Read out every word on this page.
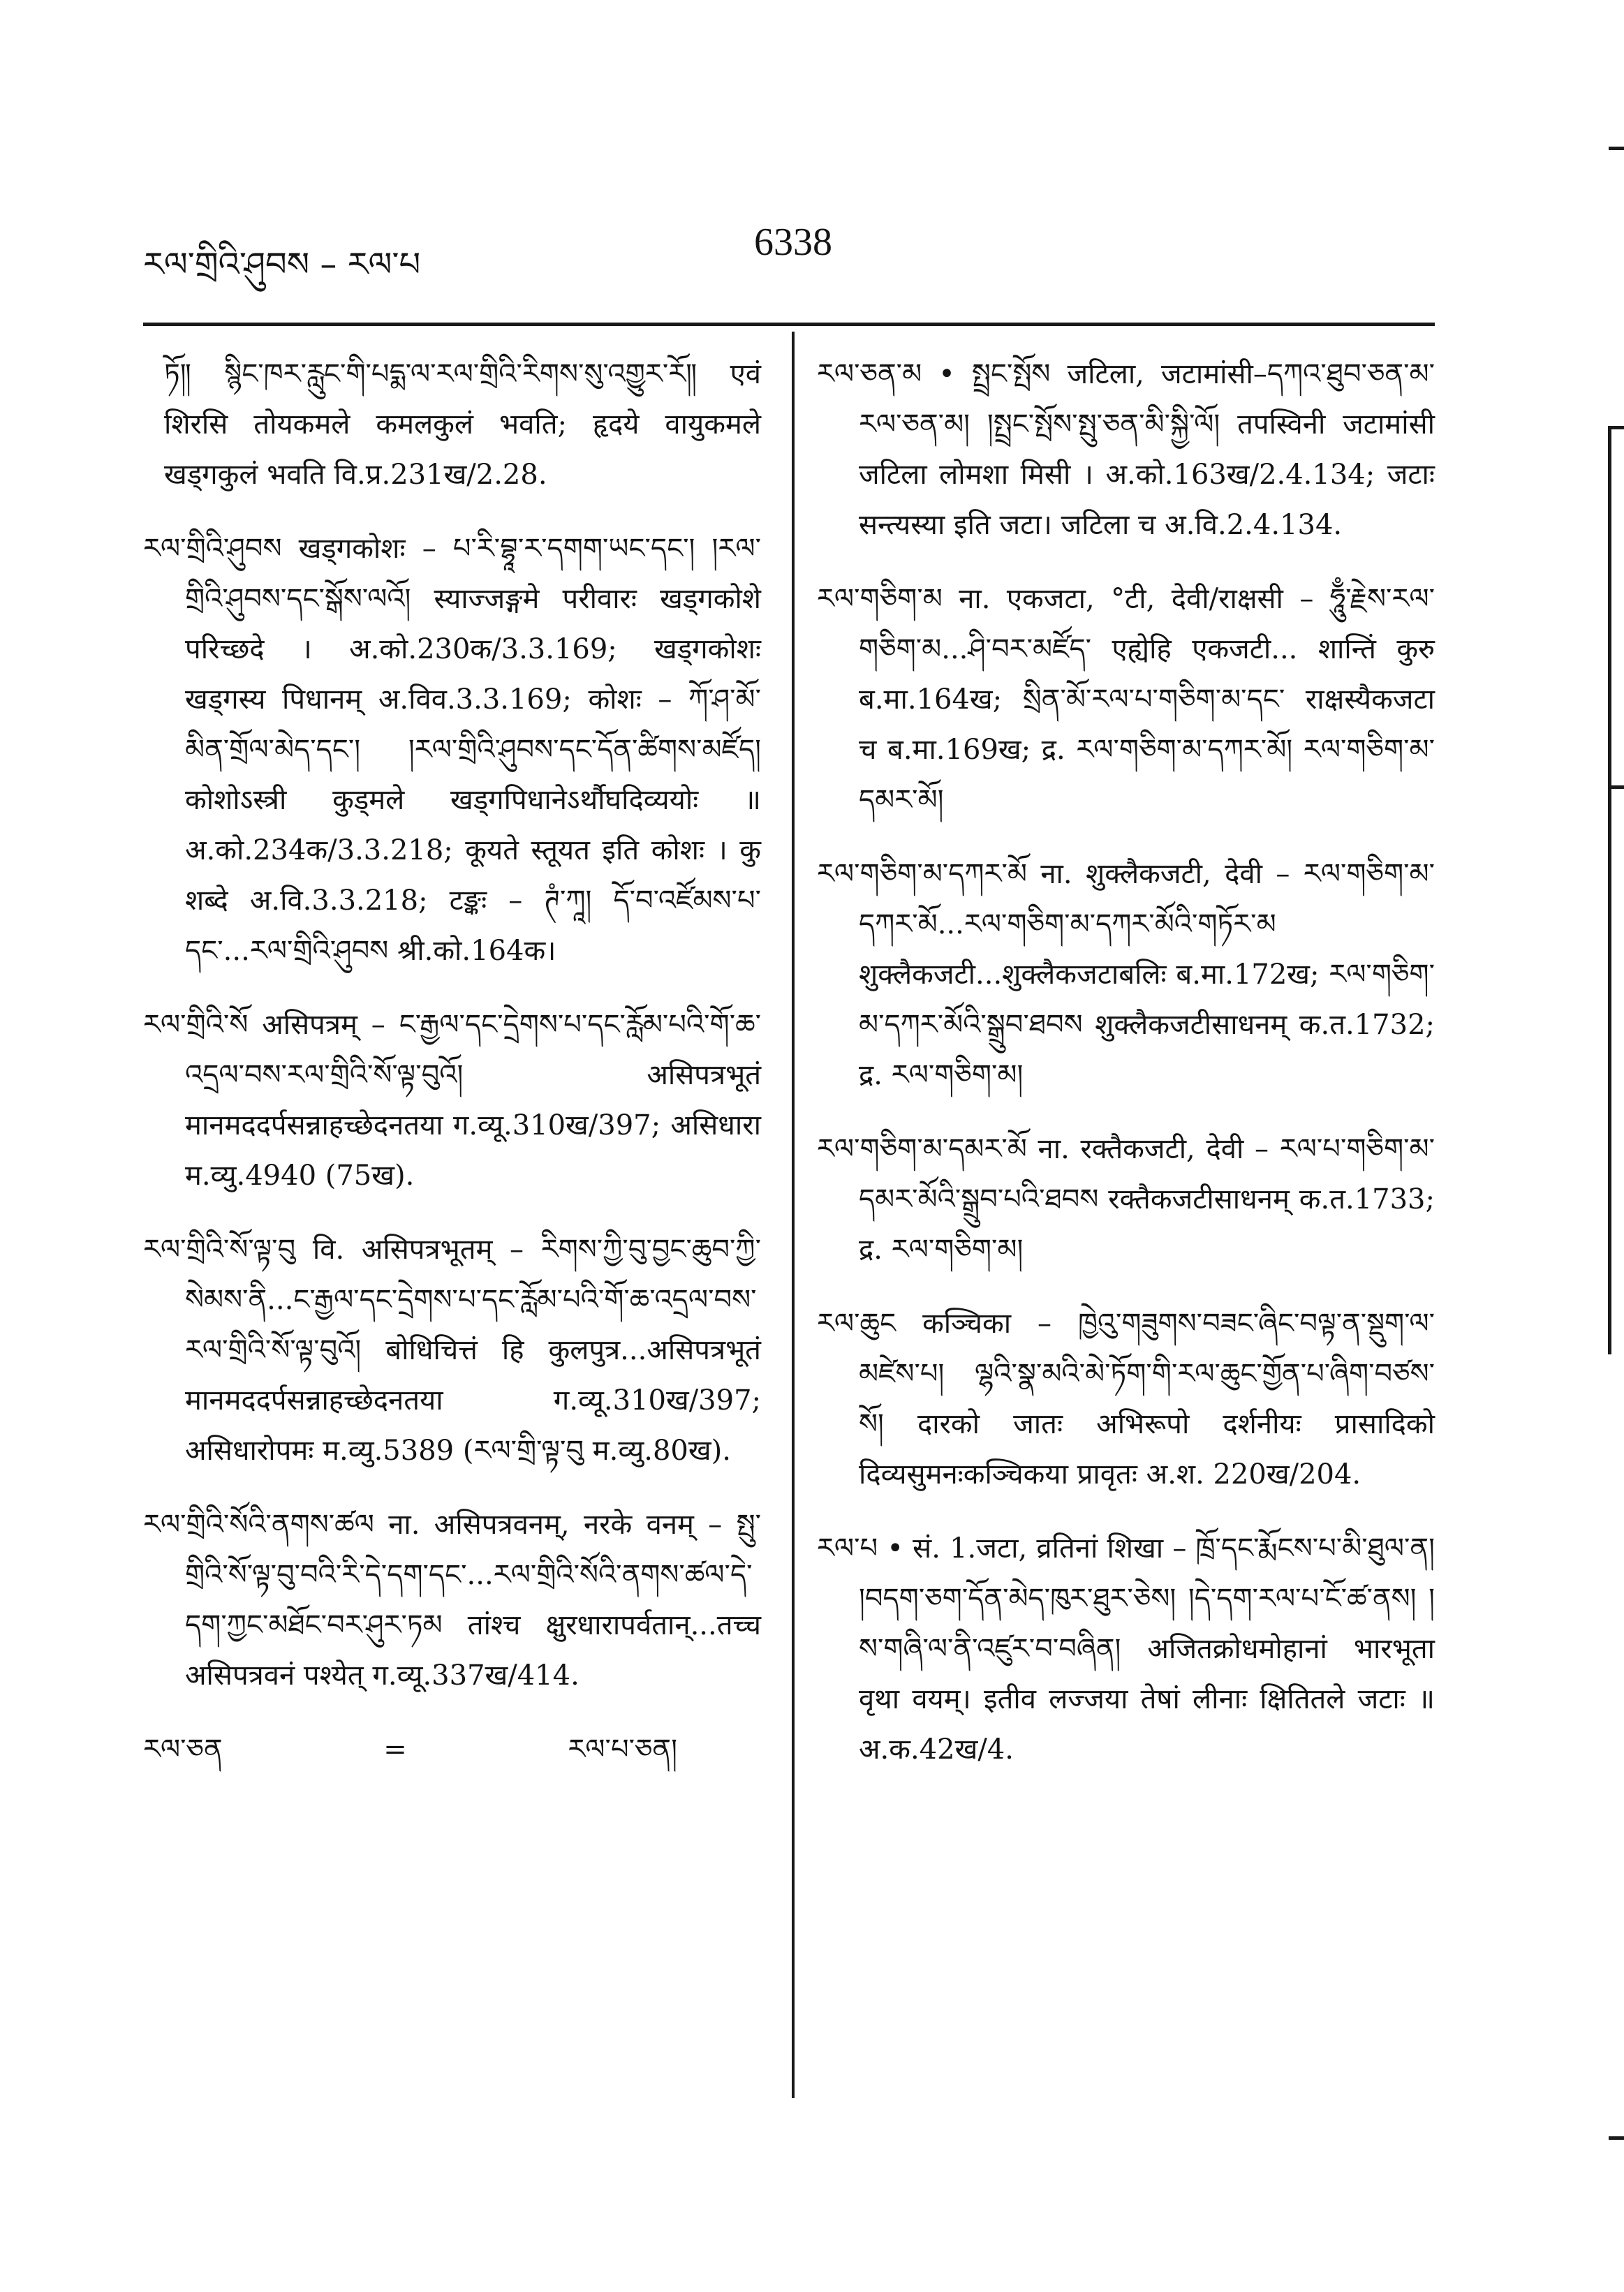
རལ་གྲིའི་ཤུབས – རལ་པ
6338

ཏོ༎ སྙིང་ཁར་རླུང་གི་པདྨ་ལ་རལ་གྲིའི་རིགས་སུ་འགྱུར་རོ༎ एवं शिरसि तोयकमले कमलकुलं भवति; हृदये वायुकमले खड्गकुलं भवति वि.प्र.231ख/2.28.

རལ་གྲིའི་ཤུབས खड्गकोशः – པ་རི་བྷཱ་ར་དགག་ཡང་དང་། །རལ་གྲིའི་ཤུབས་དང་སྒོས་ལའོ། स्याज्जङ्गमे परीवारः खड्गकोशे परिच्छदे । अ.को.230क/3.3.169; खड्गकोशः खड्गस्य पिधानम् अ.विव.3.3.169; कोशः – ཀོ་ཤ་མོ་མིན་གྲོལ་མེད་དང་། །རལ་གྲིའི་ཤུབས་དང་དོན་ཚིགས་མཛོད། कोशोऽस्त्री कुड्मले खड्गपिधानेऽर्थौघदिव्ययोः ॥ अ.को.234क/3.3.218; कूयते स्तूयत इति कोशः । कु शब्दे अ.वि.3.3.218; टङ्कः – ཊཾ་ཀཱ། དོ་བ་འཛོམས་པ་དང་...རལ་གྲིའི་ཤུབས श्री.को.164क।

རལ་གྲིའི་སོ असिपत्रम् – ང་རྒྱལ་དང་དྲེགས་པ་དང་རློམ་པའི་གོ་ཆ་འདྲལ་བས་རལ་གྲིའི་སོ་ལྟ་བུའོ། असिपत्रभूतं मानमददर्पसन्नाहच्छेदनतया ग.व्यू.310ख/397; असिधारा म.व्यु.4940 (75ख).

རལ་གྲིའི་སོ་ལྟ་བུ वि. असिपत्रभूतम् – རིགས་ཀྱི་བུ་བྱང་ཆུབ་ཀྱི་སེམས་ནི...ང་རྒྱལ་དང་དྲེགས་པ་དང་རློམ་པའི་གོ་ཆ་འདྲལ་བས་རལ་གྲིའི་སོ་ལྟ་བུའོ། बोधिचित्तं हि कुलपुत्र...असिपत्रभूतं मानमददर्पसन्नाहच्छेदनतया ग.व्यू.310ख/397; असिधारोपमः म.व्यु.5389 (རལ་གྲི་ལྟ་བུ म.व्यु.80ख).

རལ་གྲིའི་སོའི་ནགས་ཚལ ना. असिपत्रवनम्, नरके वनम् – སྤུ་གྲིའི་སོ་ལྟ་བུ་བའི་རི་དེ་དག་དང་...རལ་གྲིའི་སོའི་ནགས་ཚལ་དེ་དག་ཀྱང་མཐོང་བར་ཤུར་ཏམ तांश्च क्षुरधारापर्वतान्...तच्च असिपत्रवनं पश्येत् ग.व्यू.337ख/414.

རལ་ཅན	=	རལ་པ་ཅན།

རལ་ཅན་མ • སྤྲང་སྤོས जटिला, जटामांसी–དཀའ་ཐུབ་ཅན་མ་རལ་ཅན་མ། །སྤྲང་སྤོས་སྤུ་ཅན་མི་སྐྱི་ལོ། तपस्विनी जटामांसी जटिला लोमशा मिसी । अ.को.163ख/2.4.134; जटाः सन्त्यस्या इति जटा। जटिला च अ.वि.2.4.134.

རལ་གཅིག་མ ना. एकजटा, °टी, देवी/राक्षसी – ཧཱུྃ་རྗེས་རལ་གཅིག་མ...ཤི་བར་མཛོད་ एह्येहि एकजटी... शान्तिं कुरु ब.मा.164ख; སྲིན་མོ་རལ་པ་གཅིག་མ་དང་ राक्षस्यैकजटा च ब.मा.169ख; द्र. རལ་གཅིག་མ་དཀར་མོ། རལ་གཅིག་མ་དམར་མོ།

རལ་གཅིག་མ་དཀར་མོ ना. शुक्लैकजटी, देवी – རལ་གཅིག་མ་དཀར་མོ...རལ་གཅིག་མ་དཀར་མོའི་གཏོར་མ शुक्लैकजटी...शुक्लैकजटाबलिः ब.मा.172ख; རལ་གཅིག་མ་དཀར་མོའི་སྒྲུབ་ཐབས शुक्लैकजटीसाधनम् क.त.1732; द्र. རལ་གཅིག་མ།

རལ་གཅིག་མ་དམར་མོ ना. रक्तैकजटी, देवी – རལ་པ་གཅིག་མ་དམར་མོའི་སྒྲུབ་པའི་ཐབས रक्तैकजटीसाधनम् क.त.1733; द्र. རལ་གཅིག་མ།

རལ་ཆུང कञ्चिका – ཁྱེའུ་གཟུགས་བཟང་ཞིང་བལྟ་ན་སྡུག་ལ་མཛེས་པ། ལྷའི་སྣ་མའི་མེ་ཏོག་གི་རལ་ཆུང་གྱོན་པ་ཞིག་བཙས་སོ། दारको जातः अभिरूपो दर्शनीयः प्रासादिको दिव्यसुमनःकञ्चिकया प्रावृतः अ.श. 220ख/204.

རལ་པ • सं. 1.जटा, व्रतिनां शिखा – ཁྲོ་དང་རྨོངས་པ་མི་ཐུལ་ན། །བདག་ཅག་དོན་མེད་ཁུར་ཐུར་ཅེས། །དེ་དག་རལ་པ་ངོ་ཚ་ནས། །ས་གཞི་ལ་ནི་འཛུར་བ་བཞིན། अजितक्रोधमोहानां भारभूता वृथा वयम्। इतीव लज्जया तेषां लीनाः क्षितितले जटाः ॥ अ.क.42ख/4.
